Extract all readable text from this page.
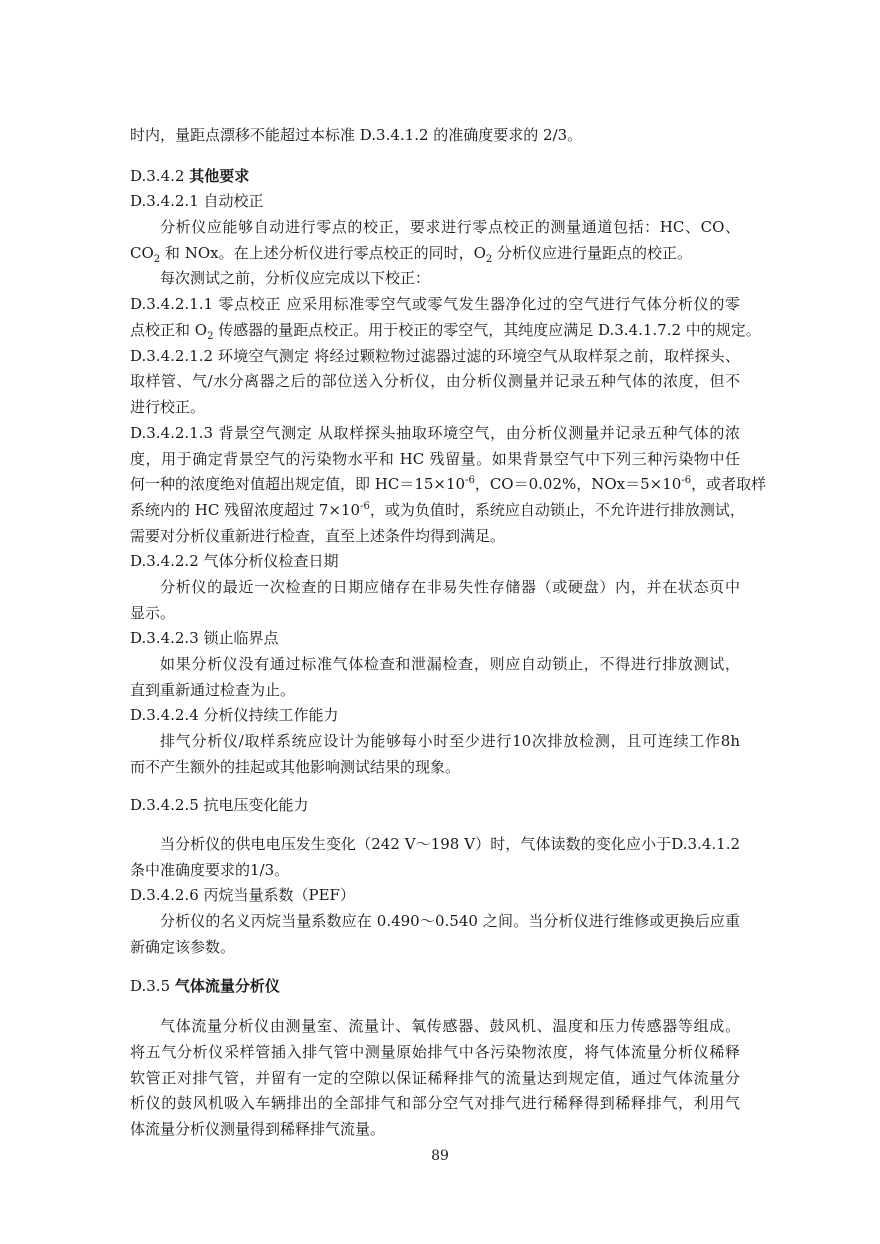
时内，量距点漂移不能超过本标准 D.3.4.1.2 的准确度要求的 2/3。
D.3.4.2 其他要求
D.3.4.2.1 自动校正
分析仪应能够自动进行零点的校正，要求进行零点校正的测量通道包括：HC、CO、
$CO_2$ 和 NOx。在上述分析仪进行零点校正的同时，$O_2$ 分析仪应进行量距点的校正。
每次测试之前，分析仪应完成以下校正：
D.3.4.2.1.1 零点校正 应采用标准零空气或零气发生器净化过的空气进行气体分析仪的零
点校正和 $O_2$ 传感器的量距点校正。用于校正的零空气，其纯度应满足 D.3.4.1.7.2 中的规定。
D.3.4.2.1.2 环境空气测定 将经过颗粒物过滤器过滤的环境空气从取样泵之前，取样探头、
取样管、气/水分离器之后的部位送入分析仪，由分析仪测量并记录五种气体的浓度，但不
进行校正。
D.3.4.2.1.3 背景空气测定 从取样探头抽取环境空气，由分析仪测量并记录五种气体的浓
度，用于确定背景空气的污染物水平和 HC 残留量。如果背景空气中下列三种污染物中任
何一种的浓度绝对值超出规定值，即 $HC=15\times 10^{-6}$，CO＝0.02%，$NOx=5\times 10^{-6}$，或者取样
系统内的 HC 残留浓度超过 $7\times 10^{-6}$，或为负值时，系统应自动锁止，不允许进行排放测试，
需要对分析仪重新进行检查，直至上述条件均得到满足。
D.3.4.2.2 气体分析仪检查日期
分析仪的最近一次检查的日期应储存在非易失性存储器（或硬盘）内，并在状态页中
显示。
D.3.4.2.3 锁止临界点
如果分析仪没有通过标准气体检查和泄漏检查，则应自动锁止，不得进行排放测试，
直到重新通过检查为止。
D.3.4.2.4 分析仪持续工作能力
排气分析仪/取样系统应设计为能够每小时至少进行10次排放检测，且可连续工作8h
而不产生额外的挂起或其他影响测试结果的现象。
D.3.4.2.5 抗电压变化能力
当分析仪的供电电压发生变化（242 V～198 V）时，气体读数的变化应小于D.3.4.1.2
条中准确度要求的1/3。
D.3.4.2.6 丙烷当量系数（PEF）
分析仪的名义丙烷当量系数应在 0.490～0.540 之间。当分析仪进行维修或更换后应重
新确定该参数。
D.3.5 气体流量分析仪
气体流量分析仪由测量室、流量计、氧传感器、鼓风机、温度和压力传感器等组成。
将五气分析仪采样管插入排气管中测量原始排气中各污染物浓度，将气体流量分析仪稀释
软管正对排气管，并留有一定的空隙以保证稀释排气的流量达到规定值，通过气体流量分
析仪的鼓风机吸入车辆排出的全部排气和部分空气对排气进行稀释得到稀释排气，利用气
体流量分析仪测量得到稀释排气流量。
89
